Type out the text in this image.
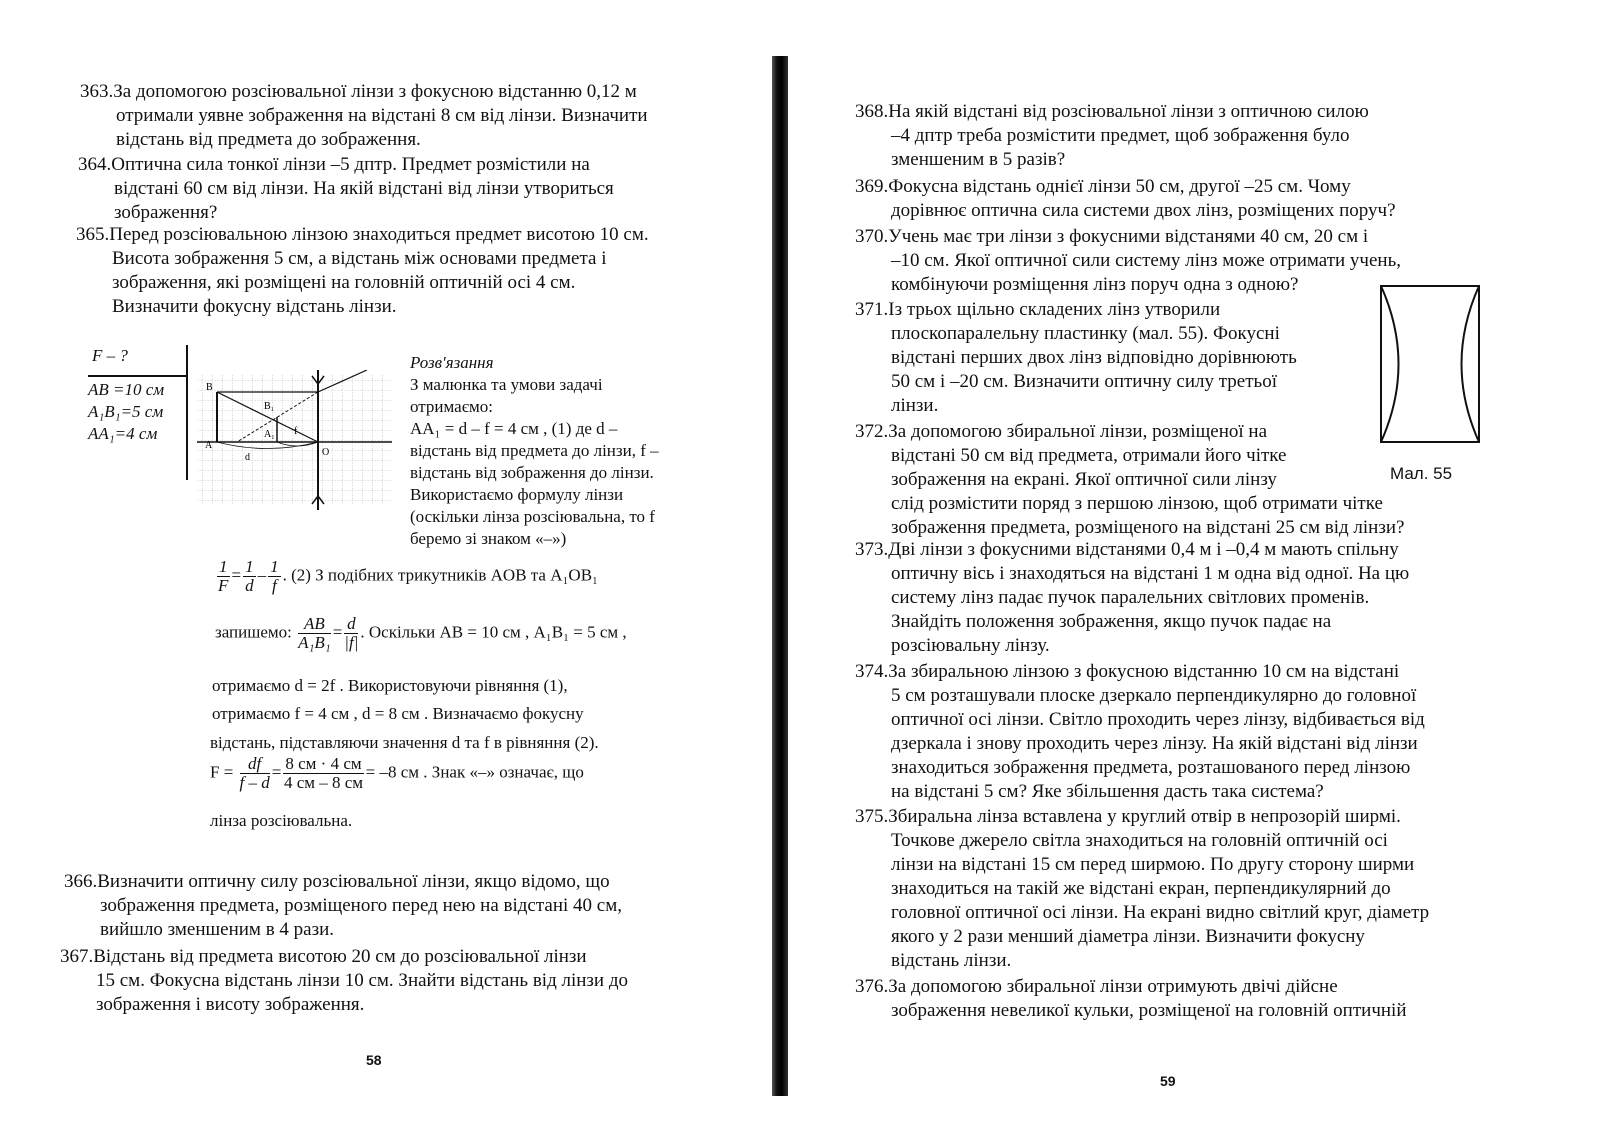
363.За допомогою розсіювальної лінзи з фокусною відстанню 0,12 м
отримали уявне зображення на відстані 8 см від лінзи. Визначити
відстань від предмета до зображення.
364.Оптична сила тонкої лінзи –5 дптр. Предмет розмістили на
відстані 60 см від лінзи. На якій відстані від лінзи утвориться
зображення?
365.Перед розсіювальною лінзою знаходиться предмет висотою 10 см.
Висота зображення 5 см, а відстань між основами предмета і
зображення, які розміщені на головній оптичній осі 4 см.
Визначити фокусну відстань лінзи.
F – ?
AB =10 см
A₁B₁=5 см
AA₁=4 см
B
B₁
A
A₁
d
f
O
Розв'язання
З малюнка та умови задачі
отримаємо:
AA₁ = d – f = 4 см , (1) де d –
відстань від предмета до лінзи, f –
відстань від зображення до лінзи.
Використаємо формулу лінзи
(оскільки лінза розсіювальна, то f
беремо зі знаком «–»)
$\frac{1}{F} = \frac{1}{d} - \frac{1}{f}$ . (2) З подібних трикутників AOB та A₁OB₁
запишемо: $\frac{AB}{\text{A₁B₁}} = \frac{d}{|f|}$ . Оскільки AB = 10 см , A₁B₁ = 5 см ,
отримаємо d = 2f . Використовуючи рівняння (1),
отримаємо f = 4 см , d = 8 см . Визначаємо фокусну
відстань, підставляючи значення d та f в рівняння (2).
$F = \frac{df}{f - d} = \frac{8 см \cdot 4 см}{4 см - 8 см} = -8$ см . Знак «–» означає, що
лінза розсіювальна.
366.Визначити оптичну силу розсіювальної лінзи, якщо відомо, що
зображення предмета, розміщеного перед нею на відстані 40 см,
вийшло зменшеним в 4 рази.
367.Відстань від предмета висотою 20 см до розсіювальної лінзи
15 см. Фокусна відстань лінзи 10 см. Знайти відстань від лінзи до
зображення і висоту зображення.
58
368.На якій відстані від розсіювальної лінзи з оптичною силою
–4 дптр треба розмістити предмет, щоб зображення було
зменшеним в 5 разів?
369.Фокусна відстань однієї лінзи 50 см, другої –25 см. Чому
дорівнює оптична сила системи двох лінз, розміщених поруч?
370.Учень має три лінзи з фокусними відстанями 40 см, 20 см і
–10 см. Якої оптичної сили систему лінз може отримати учень,
комбінуючи розміщення лінз поруч одна з одною?
371.Із трьох щільно складених лінз утворили
плоскопаралельну пластинку (мал. 55). Фокусні
відстані перших двох лінз відповідно дорівнюють
50 см і –20 см. Визначити оптичну силу третьої
лінзи.
372.За допомогою збиральної лінзи, розміщеної на
відстані 50 см від предмета, отримали його чітке
зображення на екрані. Якої оптичної сили лінзу
слід розмістити поряд з першою лінзою, щоб отримати чітке
зображення предмета, розміщеного на відстані 25 см від лінзи?
Мал. 55
373.Дві лінзи з фокусними відстанями 0,4 м і –0,4 м мають спільну
оптичну вісь і знаходяться на відстані 1 м одна від одної. На цю
систему лінз падає пучок паралельних світлових променів.
Знайдіть положення зображення, якщо пучок падає на
розсіювальну лінзу.
374.За збиральною лінзою з фокусною відстанню 10 см на відстані
5 см розташували плоске дзеркало перпендикулярно до головної
оптичної осі лінзи. Світло проходить через лінзу, відбивається від
дзеркала і знову проходить через лінзу. На якій відстані від лінзи
знаходиться зображення предмета, розташованого перед лінзою
на відстані 5 см? Яке збільшення дасть така система?
375.Збиральна лінза вставлена у круглий отвір в непрозорій ширмі.
Точкове джерело світла знаходиться на головній оптичній осі
лінзи на відстані 15 см перед ширмою. По другу сторону ширми
знаходиться на такій же відстані екран, перпендикулярний до
головної оптичної осі лінзи. На екрані видно світлий круг, діаметр
якого у 2 рази менший діаметра лінзи. Визначити фокусну
відстань лінзи.
376.За допомогою збиральної лінзи отримують двічі дійсне
зображення невеликої кульки, розміщеної на головній оптичній
59
